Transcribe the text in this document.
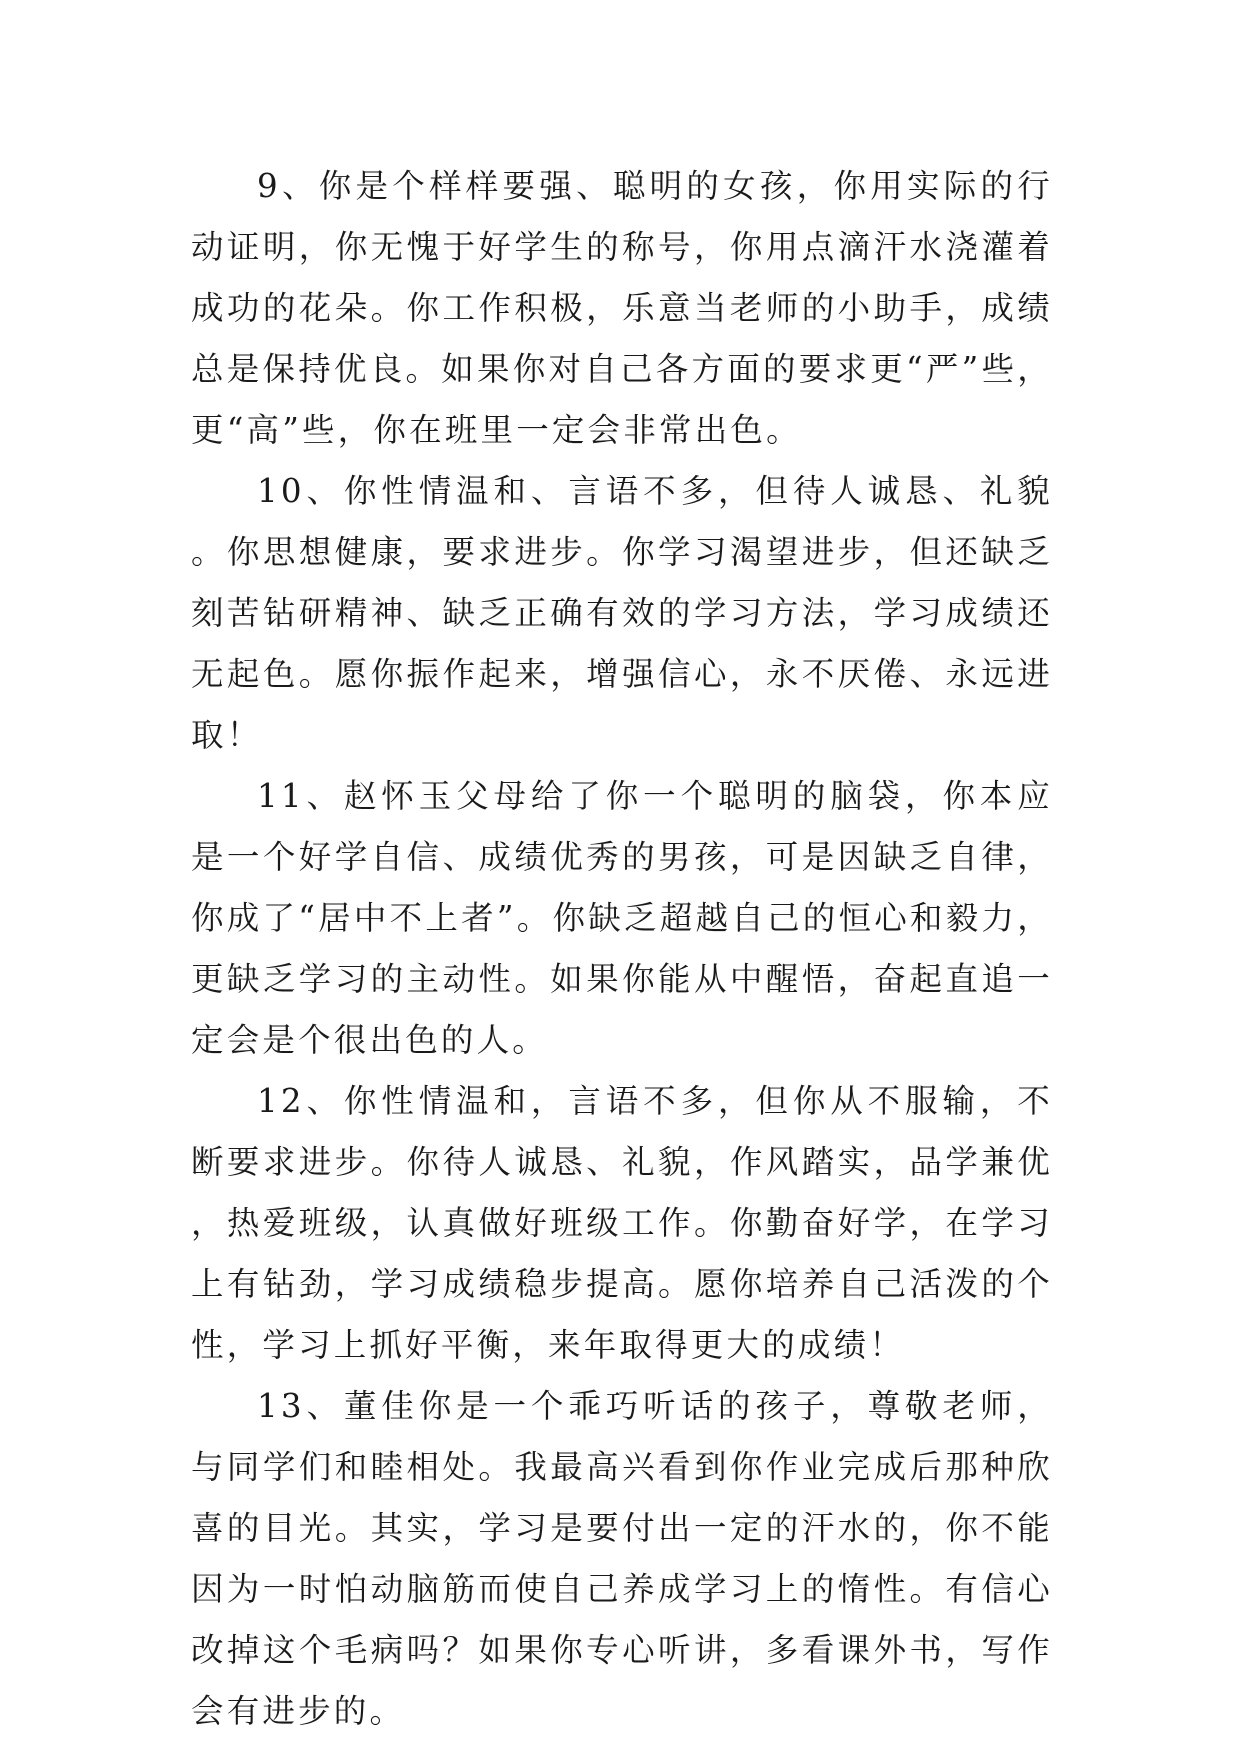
9、你是个样样要强、聪明的女孩，你用实际的行动证明，你无愧于好学生的称号，你用点滴汗水浇灌着成功的花朵。你工作积极，乐意当老师的小助手，成绩总是保持优良。如果你对自己各方面的要求更“严”些，更“高”些，你在班里一定会非常出色。

10、你性情温和、言语不多，但待人诚恳、礼貌。你思想健康，要求进步。你学习渴望进步，但还缺乏刻苦钻研精神、缺乏正确有效的学习方法，学习成绩还无起色。愿你振作起来，增强信心，永不厌倦、永远进取！

11、赵怀玉父母给了你一个聪明的脑袋，你本应是一个好学自信、成绩优秀的男孩，可是因缺乏自律，你成了“居中不上者”。你缺乏超越自己的恒心和毅力，更缺乏学习的主动性。如果你能从中醒悟，奋起直追一定会是个很出色的人。

12、你性情温和，言语不多，但你从不服输，不断要求进步。你待人诚恳、礼貌，作风踏实，品学兼优，热爱班级，认真做好班级工作。你勤奋好学，在学习上有钻劲，学习成绩稳步提高。愿你培养自己活泼的个性，学习上抓好平衡，来年取得更大的成绩！

13、董佳你是一个乖巧听话的孩子，尊敬老师，与同学们和睦相处。我最高兴看到你作业完成后那种欣喜的目光。其实，学习是要付出一定的汗水的，你不能因为一时怕动脑筋而使自己养成学习上的惰性。有信心改掉这个毛病吗？如果你专心听讲，多看课外书，写作会有进步的。
